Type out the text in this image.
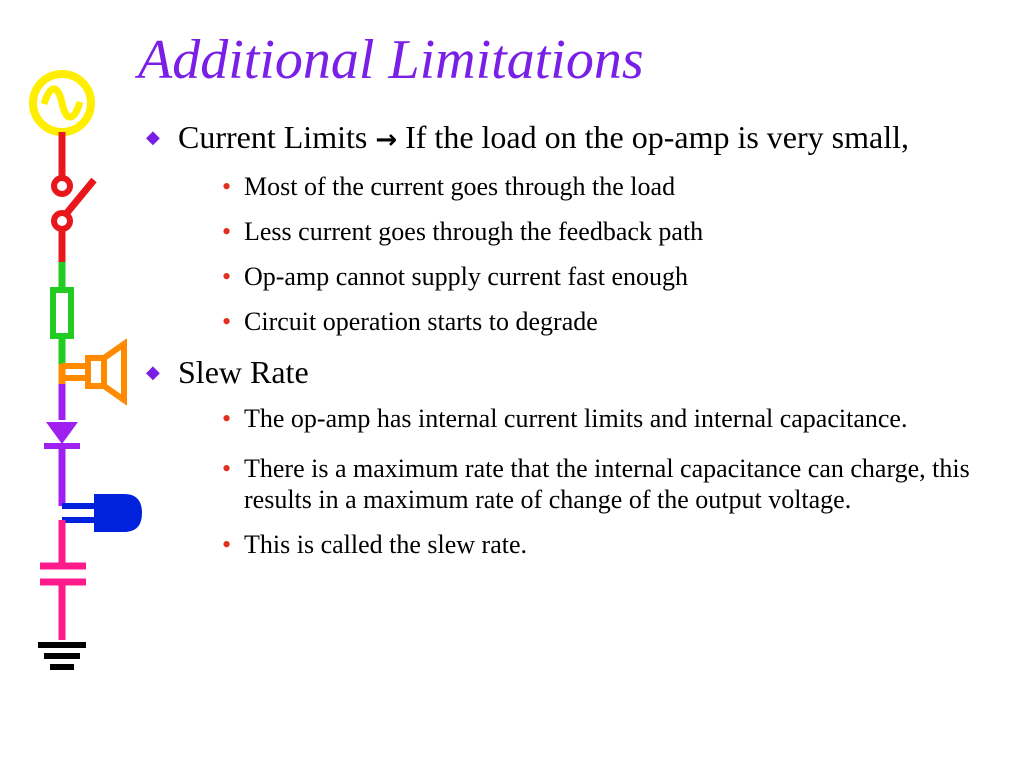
Additional Limitations
◆ Current Limits → If the load on the op-amp is very small,
• Most of the current goes through the load
• Less current goes through the feedback path
• Op-amp cannot supply current fast enough
• Circuit operation starts to degrade
◆ Slew Rate
• The op-amp has internal current limits and internal capacitance.
• There is a maximum rate that the internal capacitance can charge, this results in a maximum rate of change of the output voltage.
• This is called the slew rate.
